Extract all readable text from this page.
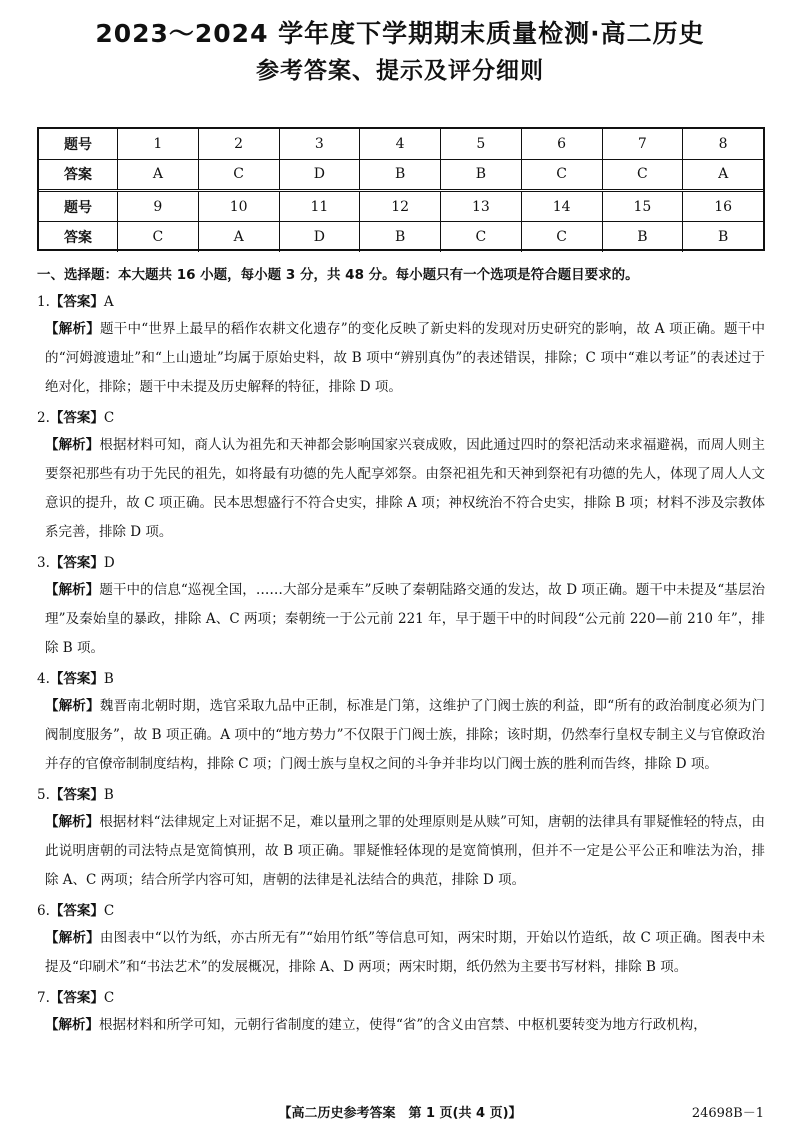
2023～2024 学年度下学期期末质量检测·高二历史
参考答案、提示及评分细则
题号	1	2	3	4	5	6	7	8
答案	A	C	D	B	B	C	C	A
题号	9	10	11	12	13	14	15	16
答案	C	A	D	B	C	C	B	B
一、选择题：本大题共 16 小题，每小题 3 分，共 48 分。每小题只有一个选项是符合题目要求的。

1.【答案】A

【解析】题干中“世界上最早的稻作农耕文化遗存”的变化反映了新史料的发现对历史研究的影响，故 A 项正确。题干中的“河姆渡遗址”和“上山遗址”均属于原始史料，故 B 项中“辨别真伪”的表述错误，排除；C 项中“难以考证”的表述过于绝对化，排除；题干中未提及历史解释的特征，排除 D 项。

2.【答案】C

【解析】根据材料可知，商人认为祖先和天神都会影响国家兴衰成败，因此通过四时的祭祀活动来求福避祸，而周人则主要祭祀那些有功于先民的祖先，如将最有功德的先人配享郊祭。由祭祀祖先和天神到祭祀有功德的先人，体现了周人人文意识的提升，故 C 项正确。民本思想盛行不符合史实，排除 A 项；神权统治不符合史实，排除 B 项；材料不涉及宗教体系完善，排除 D 项。

3.【答案】D

【解析】题干中的信息“巡视全国，……大部分是乘车”反映了秦朝陆路交通的发达，故 D 项正确。题干中未提及“基层治理”及秦始皇的暴政，排除 A、C 两项；秦朝统一于公元前 221 年，早于题干中的时间段“公元前 220—前 210 年”，排除 B 项。

4.【答案】B

【解析】魏晋南北朝时期，选官采取九品中正制，标准是门第，这维护了门阀士族的利益，即“所有的政治制度必须为门阀制度服务”，故 B 项正确。A 项中的“地方势力”不仅限于门阀士族，排除；该时期，仍然奉行皇权专制主义与官僚政治并存的官僚帝制制度结构，排除 C 项；门阀士族与皇权之间的斗争并非均以门阀士族的胜利而告终，排除 D 项。

5.【答案】B

【解析】根据材料“法律规定上对证据不足，难以量刑之罪的处理原则是从赎”可知，唐朝的法律具有罪疑惟轻的特点，由此说明唐朝的司法特点是宽简慎刑，故 B 项正确。罪疑惟轻体现的是宽简慎刑，但并不一定是公平公正和唯法为治，排除 A、C 两项；结合所学内容可知，唐朝的法律是礼法结合的典范，排除 D 项。

6.【答案】C

【解析】由图表中“以竹为纸，亦古所无有”“始用竹纸”等信息可知，两宋时期，开始以竹造纸，故 C 项正确。图表中未提及“印刷术”和“书法艺术”的发展概况，排除 A、D 两项；两宋时期，纸仍然为主要书写材料，排除 B 项。

7.【答案】C

【解析】根据材料和所学可知，元朝行省制度的建立，使得“省”的含义由宫禁、中枢机要转变为地方行政机构，

【高二历史参考答案　第 1 页(共 4 页)】	24698B－1
